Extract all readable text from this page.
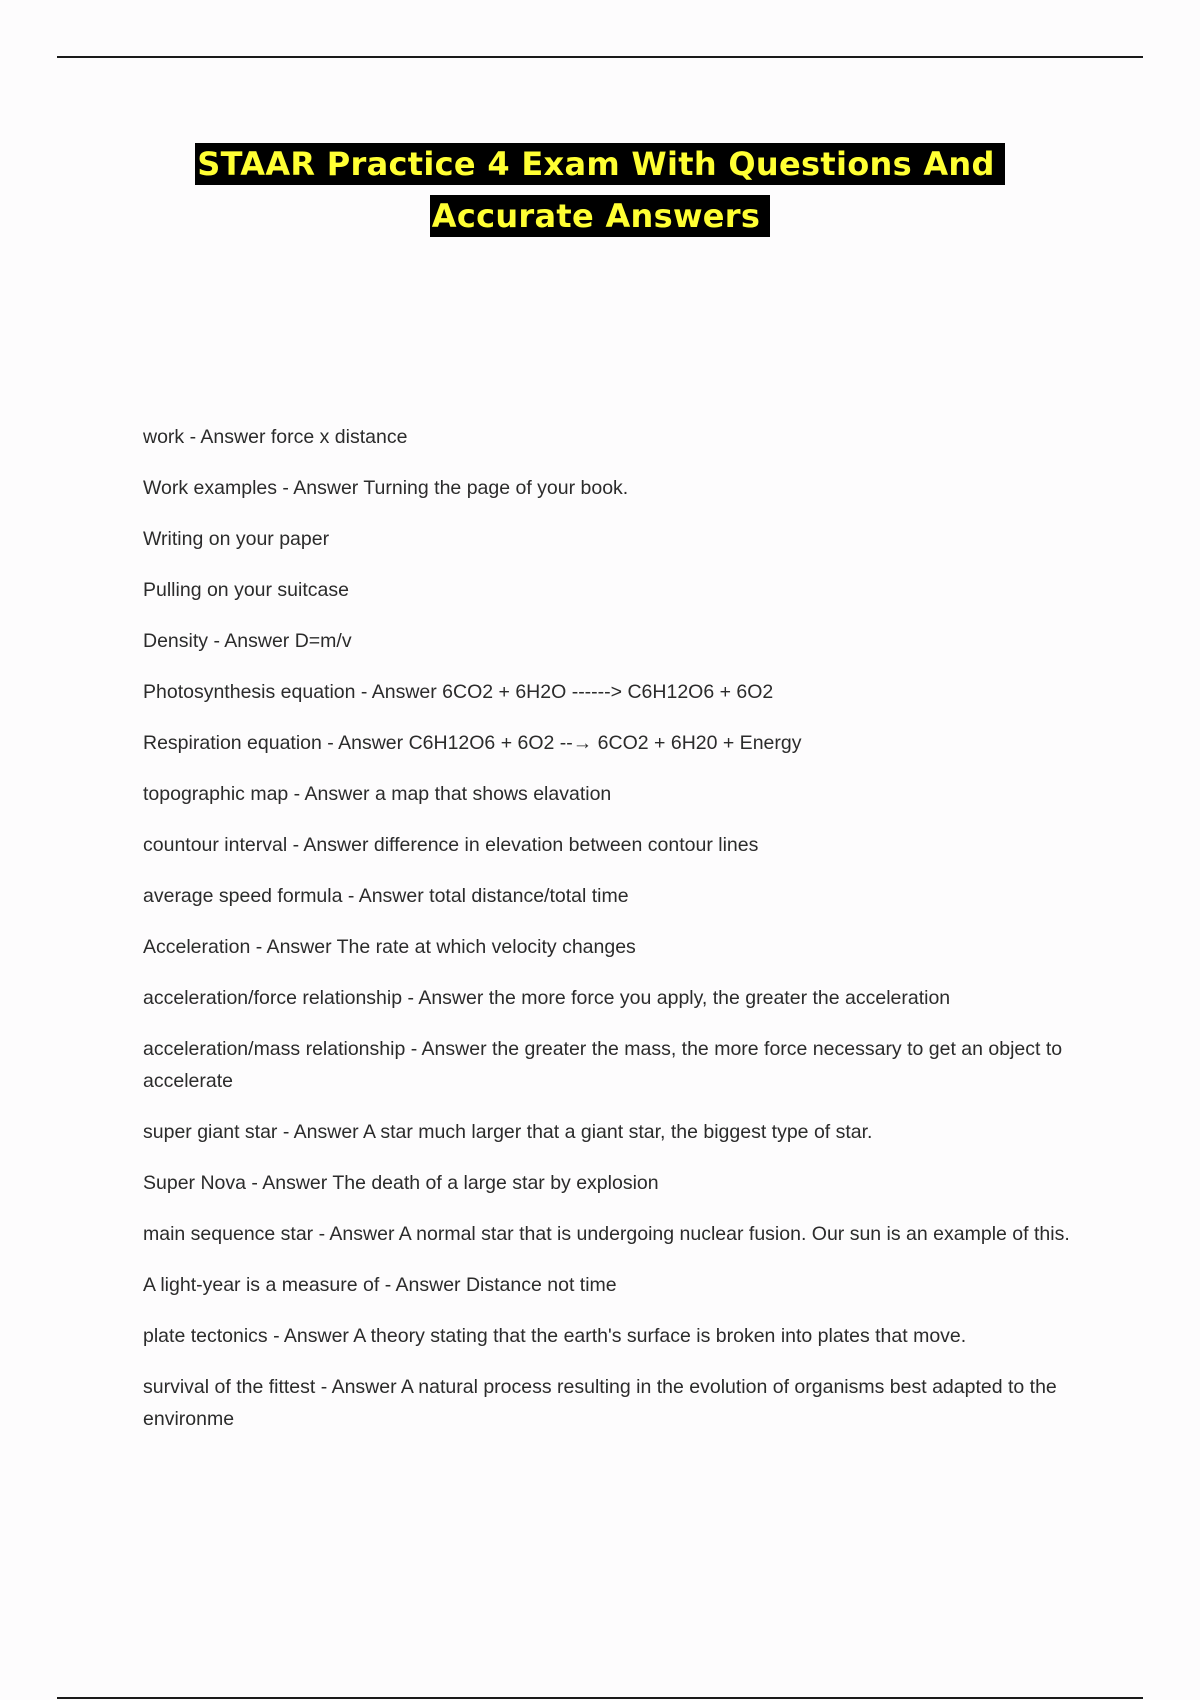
STAAR Practice 4 Exam With Questions And
Accurate Answers
work - Answer force x distance
Work examples - Answer Turning the page of your book.
Writing on your paper
Pulling on your suitcase
Density - Answer D=m/v
Photosynthesis equation - Answer 6CO2 + 6H2O ------> C6H12O6 + 6O2
Respiration equation - Answer C6H12O6 + 6O2 --→ 6CO2 + 6H20 + Energy
topographic map - Answer a map that shows elavation
countour interval - Answer difference in elevation between contour lines
average speed formula - Answer total distance/total time
Acceleration - Answer The rate at which velocity changes
acceleration/force relationship - Answer the more force you apply, the greater the acceleration
acceleration/mass relationship - Answer the greater the mass, the more force necessary to get an object to accelerate
super giant star - Answer A star much larger that a giant star, the biggest type of star.
Super Nova - Answer The death of a large star by explosion
main sequence star - Answer A normal star that is undergoing nuclear fusion. Our sun is an example of this.
A light-year is a measure of - Answer Distance not time
plate tectonics - Answer A theory stating that the earth's surface is broken into plates that move.
survival of the fittest - Answer A natural process resulting in the evolution of organisms best adapted to the environme
